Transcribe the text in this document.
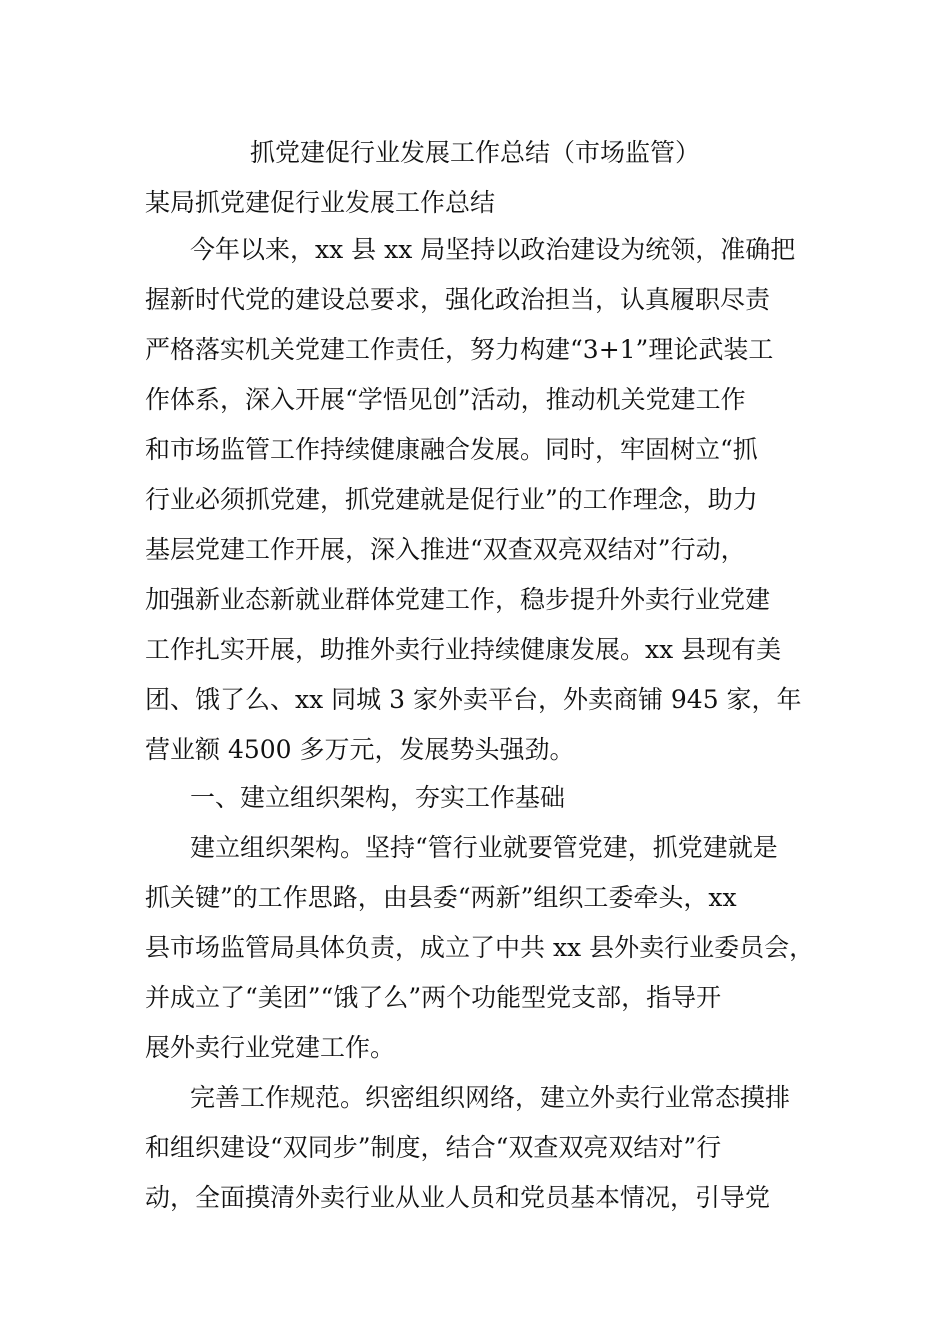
抓党建促行业发展工作总结（市场监管）
某局抓党建促行业发展工作总结
今年以来，xx 县 xx 局坚持以政治建设为统领，准确把
握新时代党的建设总要求，强化政治担当，认真履职尽责
严格落实机关党建工作责任，努力构建“3+1”理论武装工
作体系，深入开展“学悟见创”活动，推动机关党建工作
和市场监管工作持续健康融合发展。同时，牢固树立“抓
行业必须抓党建，抓党建就是促行业”的工作理念，助力
基层党建工作开展，深入推进“双查双亮双结对”行动，
加强新业态新就业群体党建工作，稳步提升外卖行业党建
工作扎实开展，助推外卖行业持续健康发展。xx 县现有美
团、饿了么、xx 同城 3 家外卖平台，外卖商铺 945 家，年
营业额 4500 多万元，发展势头强劲。
一、建立组织架构，夯实工作基础
建立组织架构。坚持“管行业就要管党建，抓党建就是
抓关键”的工作思路，由县委“两新”组织工委牵头，xx
县市场监管局具体负责，成立了中共 xx 县外卖行业委员会，
并成立了“美团”“饿了么”两个功能型党支部，指导开
展外卖行业党建工作。
完善工作规范。织密组织网络，建立外卖行业常态摸排
和组织建设“双同步”制度，结合“双查双亮双结对”行
动，全面摸清外卖行业从业人员和党员基本情况，引导党
